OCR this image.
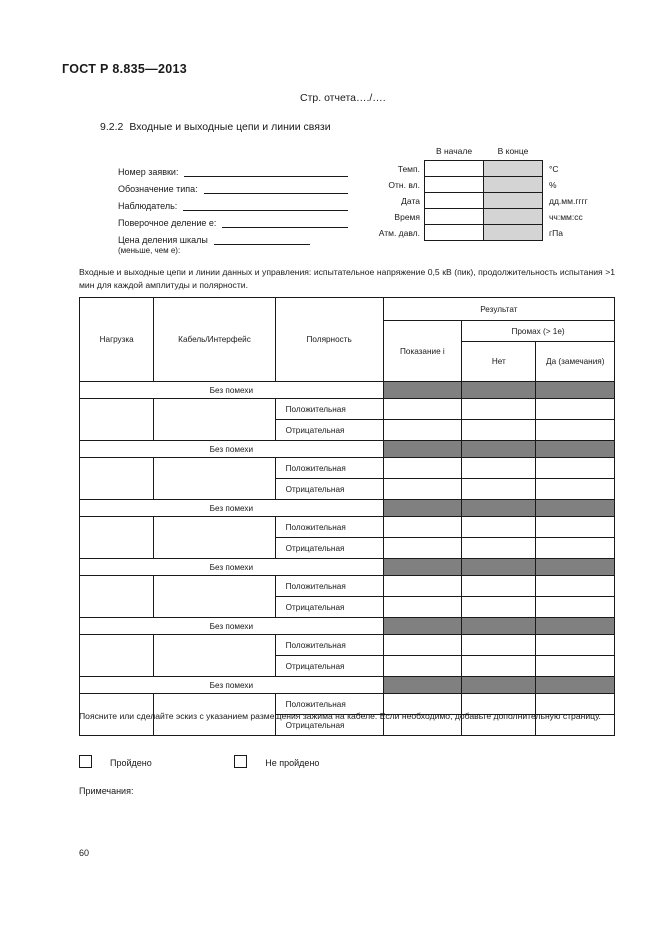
ГОСТ Р 8.835—2013
Стр. отчета…./….
9.2.2 Входные и выходные цепи и линии связи
Номер заявки:
Обозначение типа:
Наблюдатель:
Поверочное деление e:
Цена деления шкалы
(меньше, чем e):
	В начале	В конце	
Темп.			°C
Отн. вл.			%
Дата			дд.мм.гггг
Время			чч:мм:сс
Атм. давл.			гПа
Входные и выходные цепи и линии данных и управления: испытательное напряжение 0,5 кВ (пик), продолжительность испытания >1 мин для каждой амплитуды и полярности.
Нагрузка	Кабель/Интерфейс	Полярность	Результат		
			Показание i	Промах (> 1e)	
				Нет	Да (замечания)
Без помехи					
		Положительная			
		Отрицательная			
Без помехи					
		Положительная			
		Отрицательная			
Без помехи					
		Положительная			
		Отрицательная			
Без помехи					
		Положительная			
		Отрицательная			
Без помехи					
		Положительная			
		Отрицательная			
Без помехи					
		Положительная			
		Отрицательная			
Поясните или сделайте эскиз с указанием размещения зажима на кабеле. Если необходимо, добавьте дополнительную страницу.
Пройдено	Не пройдено
Примечания:
60
